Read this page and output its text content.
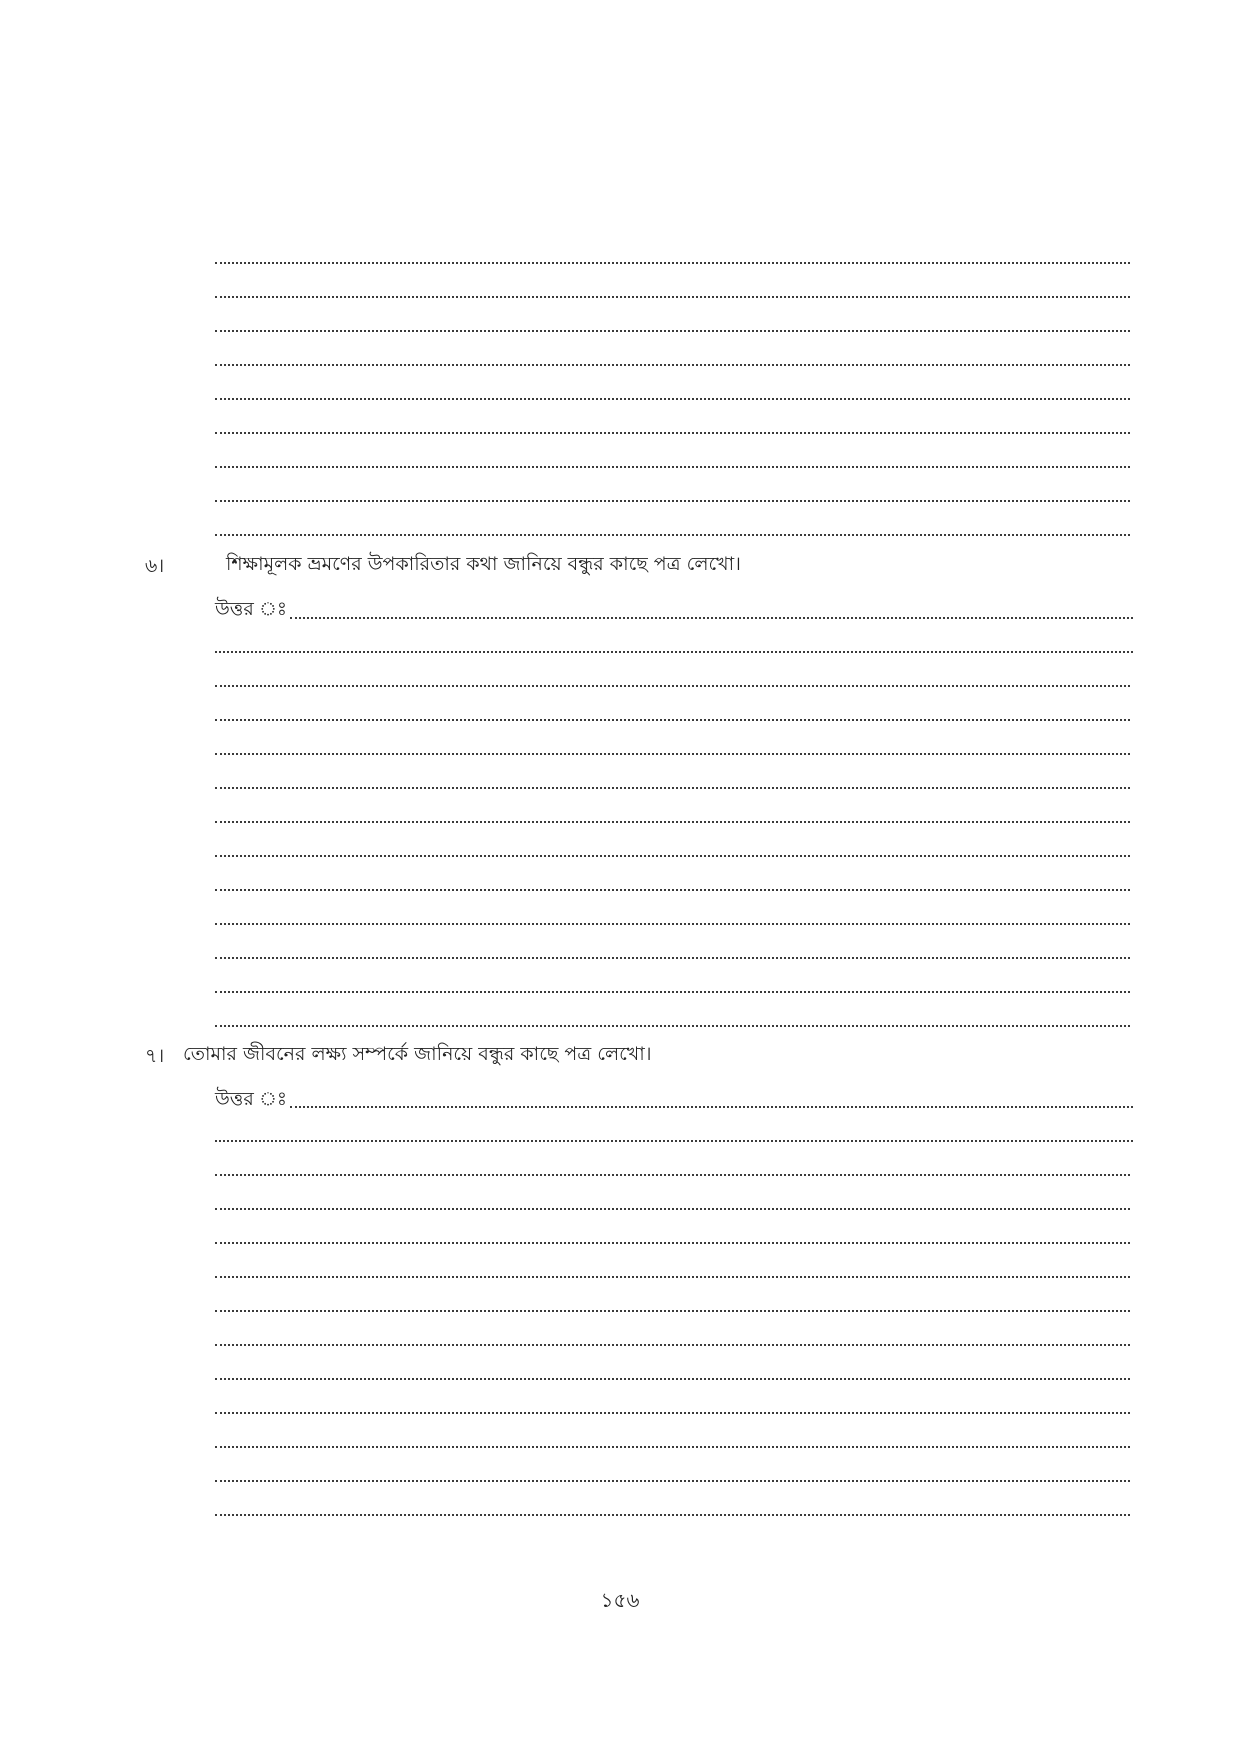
৬।	শিক্ষামূলক ভ্রমণের উপকারিতার কথা জানিয়ে বন্ধুর কাছে পত্র লেখো।
উত্তর ঃ
৭। তোমার জীবনের লক্ষ্য সম্পর্কে জানিয়ে বন্ধুর কাছে পত্র লেখো।
উত্তর ঃ
১৫৬
